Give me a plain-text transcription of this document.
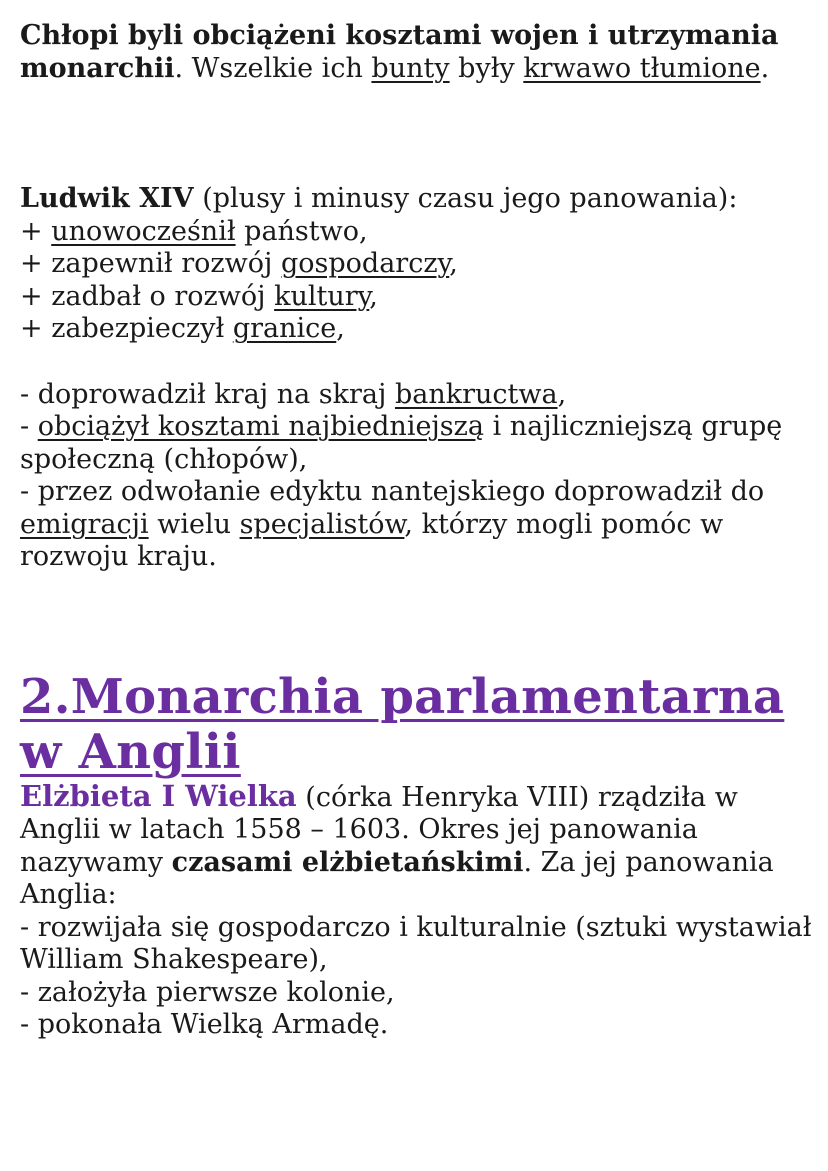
Chłopi byli obciążeni kosztami wojen i utrzymania monarchii. Wszelkie ich bunty były krwawo tłumione.

Ludwik XIV (plusy i minusy czasu jego panowania):

+ unowocześnił państwo,

+ zapewnił rozwój gospodarczy,

+ zadbał o rozwój kultury,

+ zabezpieczył granice,

- doprowadził kraj na skraj bankructwa,

- obciążył kosztami najbiedniejszą i najliczniejszą grupę społeczną (chłopów),

- przez odwołanie edyktu nantejskiego doprowadził do emigracji wielu specjalistów, którzy mogli pomóc w rozwoju kraju.

2.Monarchia parlamentarna w Anglii

Elżbieta I Wielka (córka Henryka VIII) rządziła w Anglii w latach 1558 – 1603. Okres jej panowania nazywamy czasami elżbietańskimi. Za jej panowania Anglia:

- rozwijała się gospodarczo i kulturalnie (sztuki wystawiał William Shakespeare),

- założyła pierwsze kolonie,

- pokonała Wielką Armadę.
